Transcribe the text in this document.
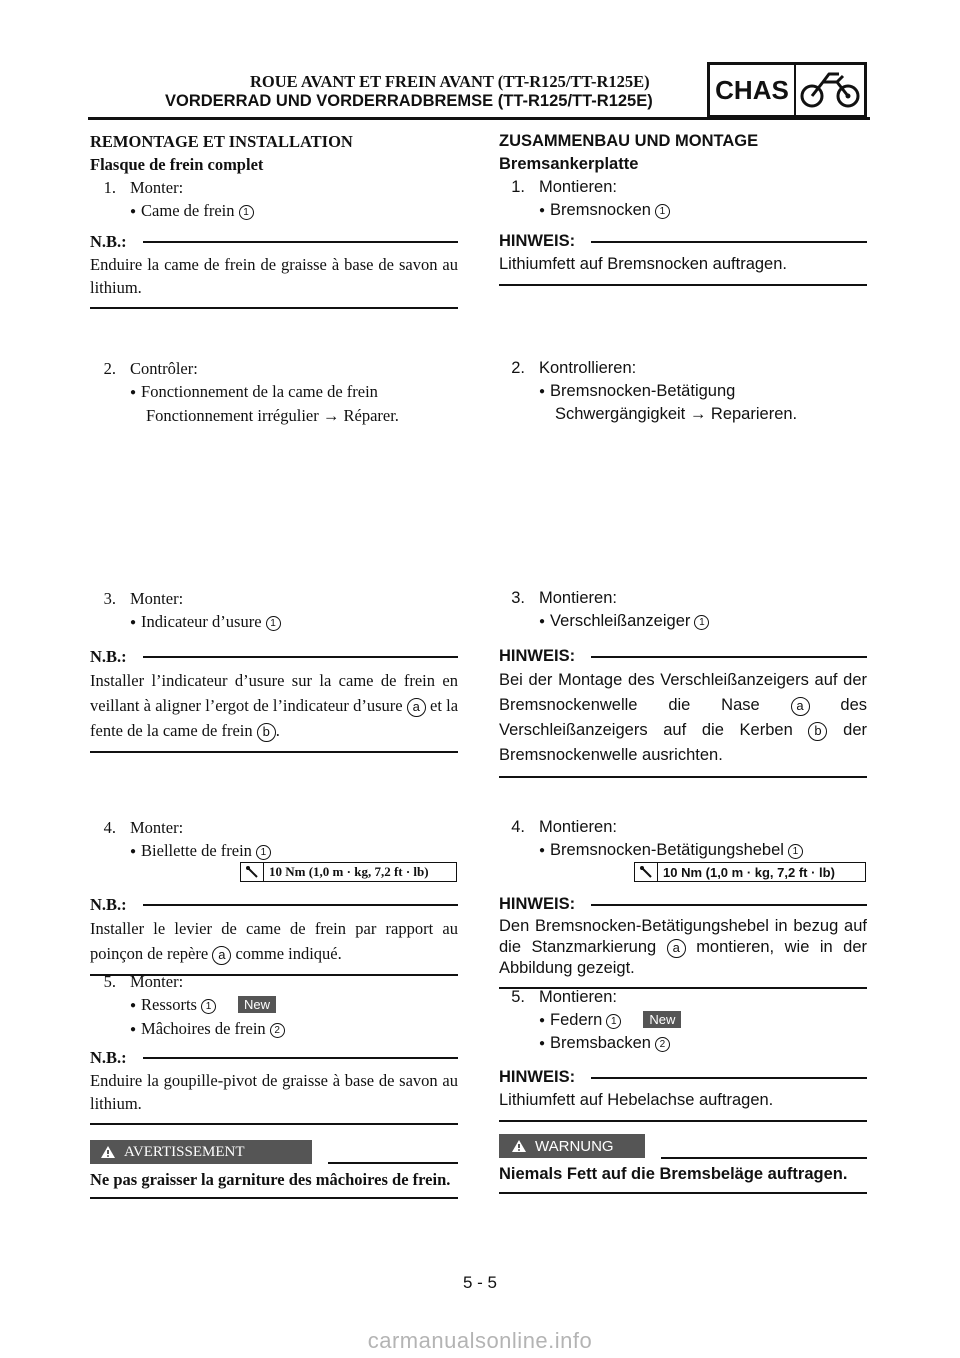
ROUE AVANT ET FREIN AVANT (TT-R125/TT-R125E)
VORDERRAD UND VORDERRADBREMSE (TT-R125/TT-R125E) CHAS
REMONTAGE ET INSTALLATION
Flasque de frein complet
1. Monter:
● Came de frein 1
N.B.:
Enduire la came de frein de graisse à base de savon au lithium.
2. Contrôler:
● Fonctionnement de la came de frein
Fonctionnement irrégulier → Réparer.
3. Monter:
● Indicateur d’usure 1
N.B.:
Installer l’indicateur d’usure sur la came de frein en veillant à aligner l’ergot de l’indicateur d’usure a et la fente de la came de frein b .
4. Monter:
● Biellette de frein 1
10 Nm (1,0 m · kg, 7,2 ft · lb)
N.B.:
Installer le levier de came de frein par rapport au poinçon de repère a comme indiqué.
5. Monter:
● Ressorts 1	New
● Mâchoires de frein 2
N.B.:
Enduire la goupille-pivot de graisse à base de savon au lithium.
AVERTISSEMENT
Ne pas graisser la garniture des mâchoires de frein.
ZUSAMMENBAU UND MONTAGE
Bremsankerplatte
1. Montieren:
● Bremsnocken 1
HINWEIS:
Lithiumfett auf Bremsnocken auftragen.
2. Kontrollieren:
● Bremsnocken-Betätigung
Schwergängigkeit → Reparieren.
3. Montieren:
● Verschleißanzeiger 1
HINWEIS:
Bei der Montage des Verschleißanzeigers auf der Bremsnockenwelle die Nase	a des Verschleißanzeigers auf die Kerben b der Bremsnockenwelle ausrichten.
4. Montieren:
● Bremsnocken-Betätigungshebel 1
10 Nm (1,0 m · kg, 7,2 ft · lb)
HINWEIS:
Den Bremsnocken-Betätigungshebel in bezug auf die Stanzmarkierung a montieren, wie in der Abbildung gezeigt.
5. Montieren:
● Federn 1	New
● Bremsbacken 2
HINWEIS:
Lithiumfett auf Hebelachse auftragen.
WARNUNG
Niemals Fett auf die Bremsbeläge auftragen.
5 - 5
carmanualsonline.info
